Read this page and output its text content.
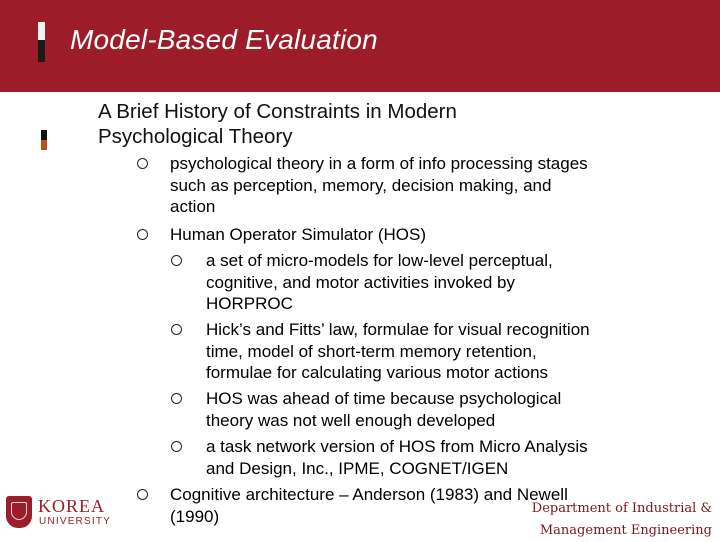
Model-Based Evaluation
A Brief History of Constraints in Modern
Psychological Theory
psychological theory in a form of info processing stages
such as perception, memory, decision making, and
action
Human Operator Simulator (HOS)
a set of micro-models for low-level perceptual,
cognitive, and motor activities invoked by
HORPROC
Hick’s and Fitts’ law, formulae for visual recognition
time, model of short-term memory retention,
formulae for calculating various motor actions
HOS was ahead of time because psychological
theory was not well enough developed
a task network version of HOS from Micro Analysis
and Design, Inc., IPME, COGNET/IGEN
Cognitive architecture – Anderson (1983) and Newell
(1990)
KOREA
UNIVERSITY
Department of Industrial &
Management Engineering
